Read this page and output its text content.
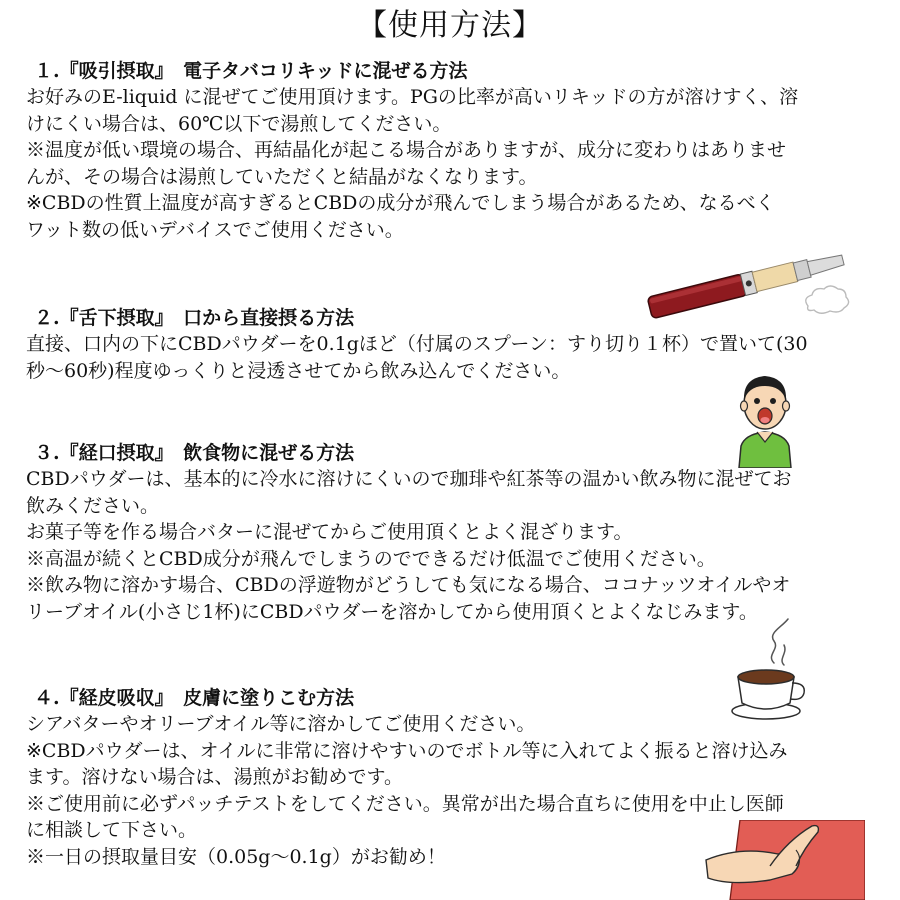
【使用方法】
１.『吸引摂取』　電子タバコリキッドに混ぜる方法
お好みのE-liquid に混ぜてご使用頂けます。PGの比率が高いリキッドの方が溶けすく、溶
けにくい場合は、60℃以下で湯煎してください。
※温度が低い環境の場合、再結晶化が起こる場合がありますが、成分に変わりはありませ
んが、その場合は湯煎していただくと結晶がなくなります。
※CBDの性質上温度が高すぎるとCBDの成分が飛んでしまう場合があるため、なるべく
ワット数の低いデバイスでご使用ください。
２.『舌下摂取』　口から直接摂る方法
直接、口内の下にCBDパウダーを0.1gほど（付属のスプーン：すり切り１杯）で置いて(30
秒〜60秒)程度ゆっくりと浸透させてから飲み込んでください。
３.『経口摂取』　飲食物に混ぜる方法
CBDパウダーは、基本的に冷水に溶けにくいので珈琲や紅茶等の温かい飲み物に混ぜてお
飲みください。
お菓子等を作る場合バターに混ぜてからご使用頂くとよく混ざります。
※高温が続くとCBD成分が飛んでしまうのでできるだけ低温でご使用ください。
※飲み物に溶かす場合、CBDの浮遊物がどうしても気になる場合、ココナッツオイルやオ
リーブオイル(小さじ1杯)にCBDパウダーを溶かしてから使用頂くとよくなじみます。
４.『経皮吸収』　皮膚に塗りこむ方法
シアバターやオリーブオイル等に溶かしてご使用ください。
※CBDパウダーは、オイルに非常に溶けやすいのでボトル等に入れてよく振ると溶け込み
ます。溶けない場合は、湯煎がお勧めです。
※ご使用前に必ずパッチテストをしてください。異常が出た場合直ちに使用を中止し医師
に相談して下さい。
※一日の摂取量目安（0.05g〜0.1g）がお勧め！
